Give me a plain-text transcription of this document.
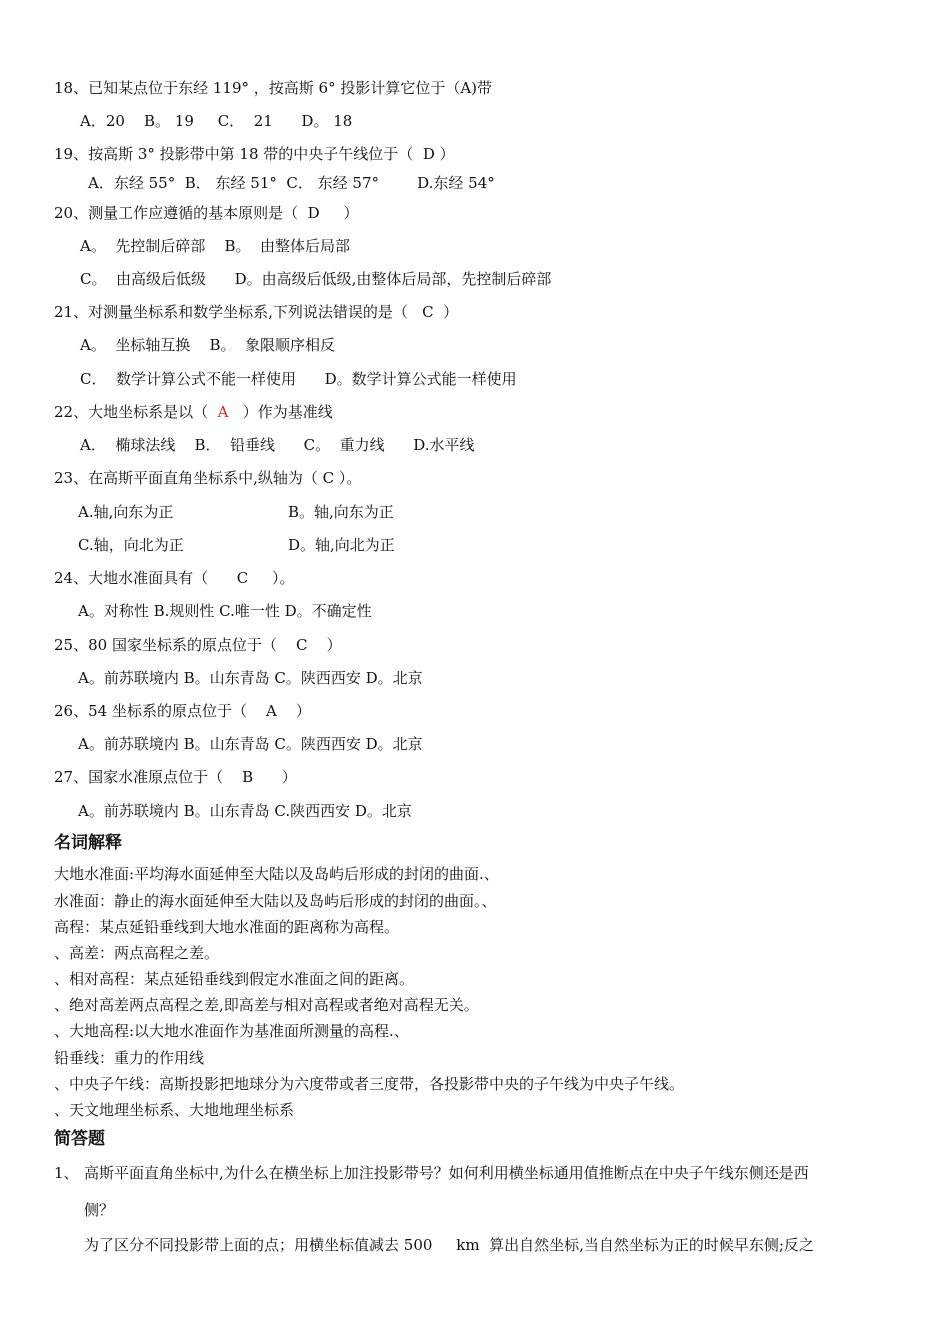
18、已知某点位于东经 119° ，按高斯 6° 投影计算它位于（A)带
A．20    B。 19     C．  21      D。 18
19、按高斯 3° 投影带中第 18 带的中央子午线位于（  D ）
A．东经 55°  B． 东经 51°  C． 东经 57°        D.东经 54°
20、测量工作应遵循的基本原则是（  D     ）
A。  先控制后碎部    B。  由整体后局部
C。  由高级后低级      D。由高级后低级,由整体后局部，先控制后碎部
21、对测量坐标系和数学坐标系,下列说法错误的是（   C  ）
A。  坐标轴互换    B。  象限顺序相反
C．  数学计算公式不能一样使用      D。数学计算公式能一样使用
22、大地坐标系是以（  A   ）作为基准线
A．  椭球法线    B．  铅垂线      C。  重力线      D.水平线
23、在高斯平面直角坐标系中,纵轴为（ C ）。
A.轴,向东为正	B。轴,向东为正
C.轴，向北为正	D。轴,向北为正
24、大地水准面具有（      C     ）。
A。对称性 B.规则性 C.唯一性 D。不确定性
25、80 国家坐标系的原点位于（    C    ）
A。前苏联境内 B。山东青岛 C。陕西西安 D。北京
26、54 坐标系的原点位于（    A    ）
A。前苏联境内 B。山东青岛 C。陕西西安 D。北京
27、国家水准原点位于（    B      ）
A。前苏联境内 B。山东青岛 C.陕西西安 D。北京
名词解释
大地水准面:平均海水面延伸至大陆以及岛屿后形成的封闭的曲面.、
水准面：静止的海水面延伸至大陆以及岛屿后形成的封闭的曲面。、
高程：某点延铅垂线到大地水准面的距离称为高程。
、高差：两点高程之差。
、相对高程：某点延铅垂线到假定水准面之间的距离。
、绝对高差两点高程之差,即高差与相对高程或者绝对高程无关。
、大地高程:以大地水准面作为基准面所测量的高程.、
铅垂线：重力的作用线
、中央子午线：高斯投影把地球分为六度带或者三度带，各投影带中央的子午线为中央子午线。
、天文地理坐标系、大地地理坐标系
简答题
1、 高斯平面直角坐标中,为什么在横坐标上加注投影带号？如何利用横坐标通用值推断点在中央子午线东侧还是西
侧？
为了区分不同投影带上面的点；用横坐标值减去 500     km  算出自然坐标,当自然坐标为正的时候早东侧;反之
